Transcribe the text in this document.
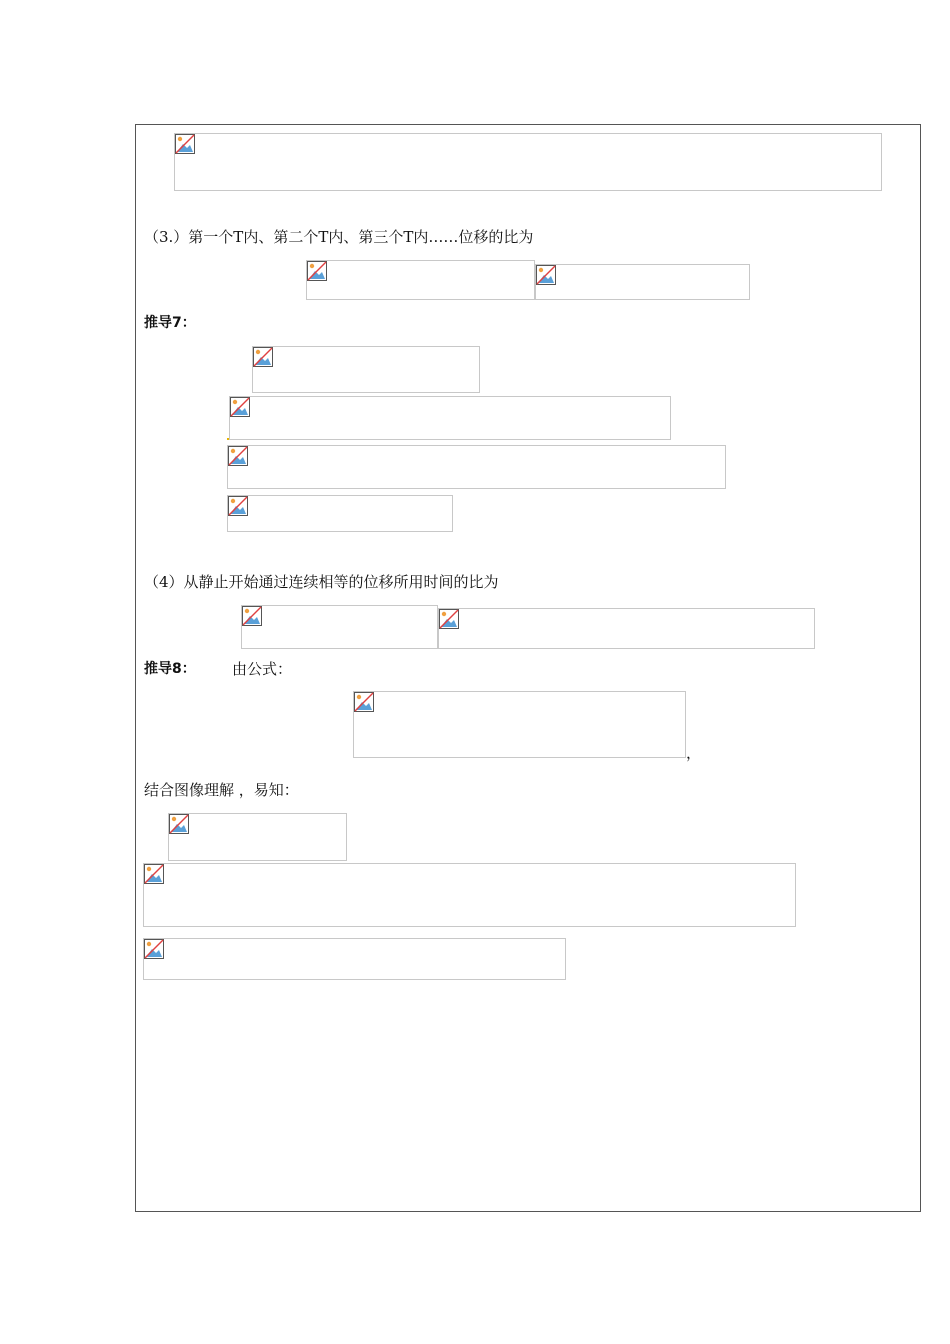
（3.）第一个T内、第二个T内、第三个T内……位移的比为
推导7：
（4）从静止开始通过连续相等的位移所用时间的比为
推导8： 由公式：
，
结合图像理解 ，易知：
